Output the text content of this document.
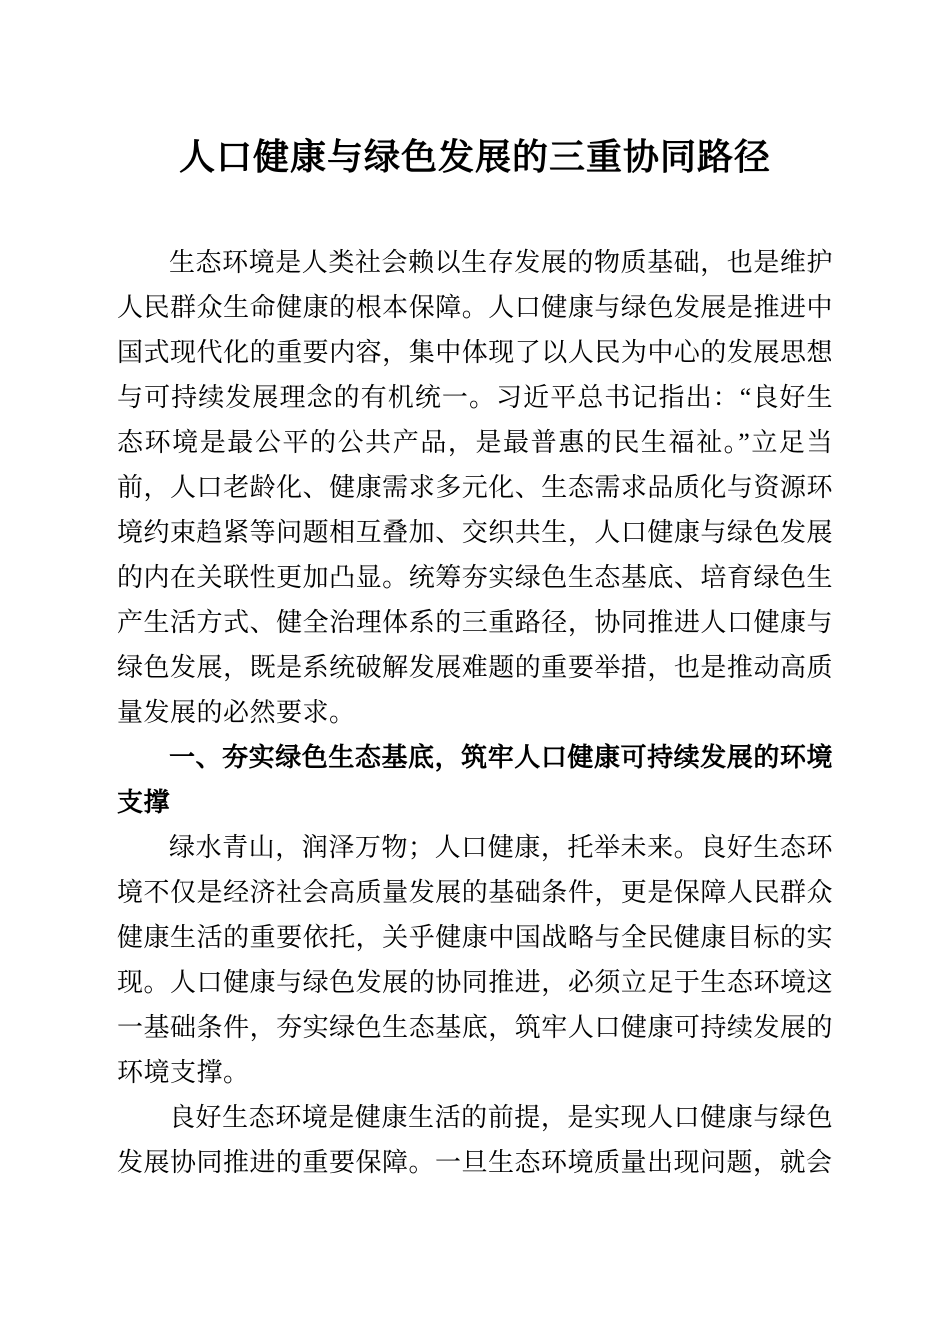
人口健康与绿色发展的三重协同路径

生态环境是人类社会赖以生存发展的物质基础，也是维护人民群众生命健康的根本保障。人口健康与绿色发展是推进中国式现代化的重要内容，集中体现了以人民为中心的发展思想与可持续发展理念的有机统一。习近平总书记指出：“良好生态环境是最公平的公共产品，是最普惠的民生福祉。”立足当前，人口老龄化、健康需求多元化、生态需求品质化与资源环境约束趋紧等问题相互叠加、交织共生，人口健康与绿色发展的内在关联性更加凸显。统筹夯实绿色生态基底、培育绿色生产生活方式、健全治理体系的三重路径，协同推进人口健康与绿色发展，既是系统破解发展难题的重要举措，也是推动高质量发展的必然要求。

一、夯实绿色生态基底，筑牢人口健康可持续发展的环境支撑

绿水青山，润泽万物；人口健康，托举未来。良好生态环境不仅是经济社会高质量发展的基础条件，更是保障人民群众健康生活的重要依托，关乎健康中国战略与全民健康目标的实现。人口健康与绿色发展的协同推进，必须立足于生态环境这一基础条件，夯实绿色生态基底，筑牢人口健康可持续发展的环境支撑。

良好生态环境是健康生活的前提，是实现人口健康与绿色发展协同推进的重要保障。一旦生态环境质量出现问题，就会
